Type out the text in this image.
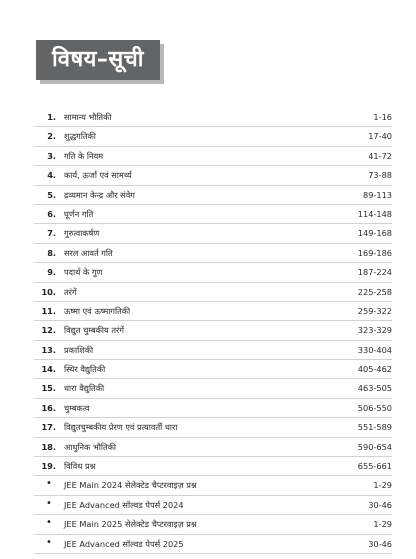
विषय–सूची
1. सामान्य भौतिकी	1-16
2. शुद्धगतिकी	17-40
3. गति के नियम	41-72
4. कार्य, ऊर्जा एवं सामर्थ्य	73-88
5. द्रव्यमान केन्द्र और संवेग	89-113
6. घूर्णन गति	114-148
7. गुरुत्वाकर्षण	149-168
8. सरल आवर्त गति	169-186
9. पदार्थ के गुण	187-224
10. तरंगें	225-258
11. ऊष्मा एवं ऊष्मागतिकी	259-322
12. विद्युत चुम्बकीय तरंगें	323-329
13. प्रकाशिकी	330-404
14. स्थिर वैद्युतिकी	405-462
15. धारा वैद्युतिकी	463-505
16. चुम्बकत्व	506-550
17. विद्युतचुम्बकीय प्रेरण एवं प्रत्यावर्ती धारा	551-589
18. आधुनिक भौतिकी	590-654
19. विविध प्रश्न	655-661
• JEE Main 2024 सेलेक्टेड चैप्टरवाइज़ प्रश्न	1-29
• JEE Advanced सॉल्वड पेपर्स 2024	30-46
• JEE Main 2025 सेलेक्टेड चैप्टरवाइज़ प्रश्न	1-29
• JEE Advanced सॉल्वड पेपर्स 2025	30-46
